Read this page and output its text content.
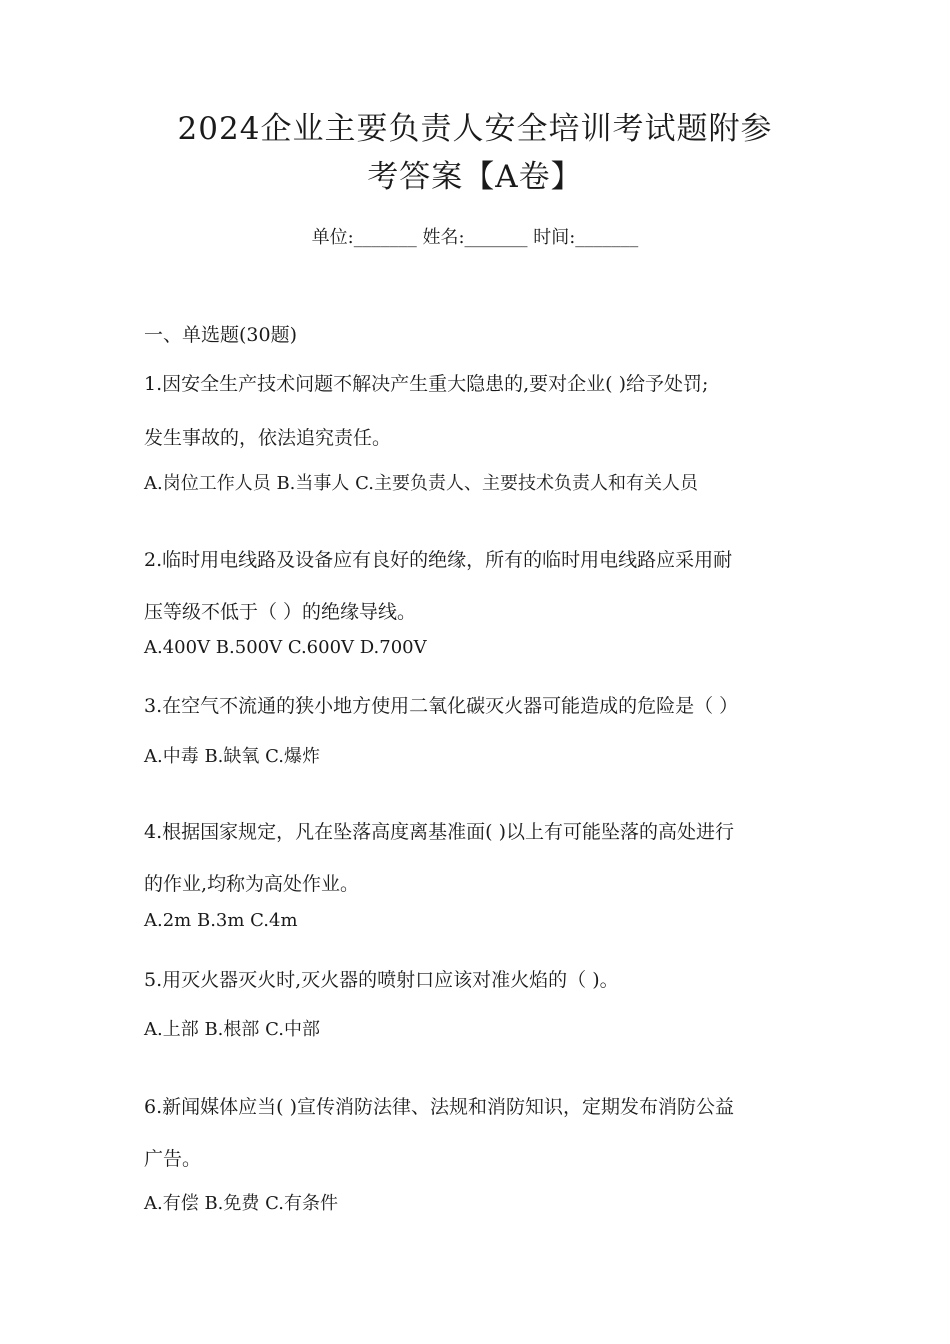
2024企业主要负责人安全培训考试题附参
考答案【A卷】
单位:_______ 姓名:_______ 时间:_______
一、单选题(30题)
1.因安全生产技术问题不解决产生重大隐患的,要对企业( )给予处罚;
发生事故的，依法追究责任。
A.岗位工作人员 B.当事人 C.主要负责人、主要技术负责人和有关人员
2.临时用电线路及设备应有良好的绝缘，所有的临时用电线路应采用耐
压等级不低于（ ）的绝缘导线。
A.400V B.500V C.600V D.700V
3.在空气不流通的狭小地方使用二氧化碳灭火器可能造成的危险是（ ）
A.中毒 B.缺氧 C.爆炸
4.根据国家规定，凡在坠落高度离基准面( )以上有可能坠落的高处进行
的作业,均称为高处作业。
A.2m B.3m C.4m
5.用灭火器灭火时,灭火器的喷射口应该对准火焰的（ )。
A.上部 B.根部 C.中部
6.新闻媒体应当( )宣传消防法律、法规和消防知识，定期发布消防公益
广告。
A.有偿 B.免费 C.有条件
